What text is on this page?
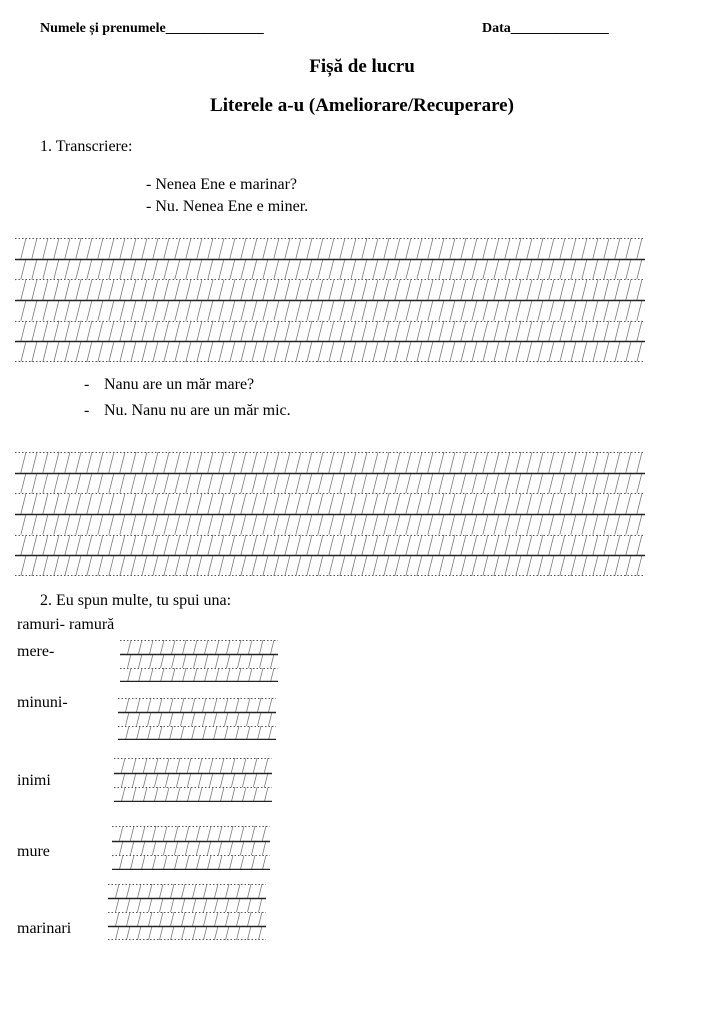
Numele și prenumele______________	Data______________
Fișă de lucru
Literele a-u (Ameliorare/Recuperare)
1. Transcriere:
- Nenea Ene e marinar?
- Nu. Nenea Ene e miner.
- Nanu are un măr mare?
- Nu. Nanu nu are un măr mic.
2. Eu spun multe, tu spui una:
ramuri- ramură
mere-
minuni-
inimi
mure
marinari
